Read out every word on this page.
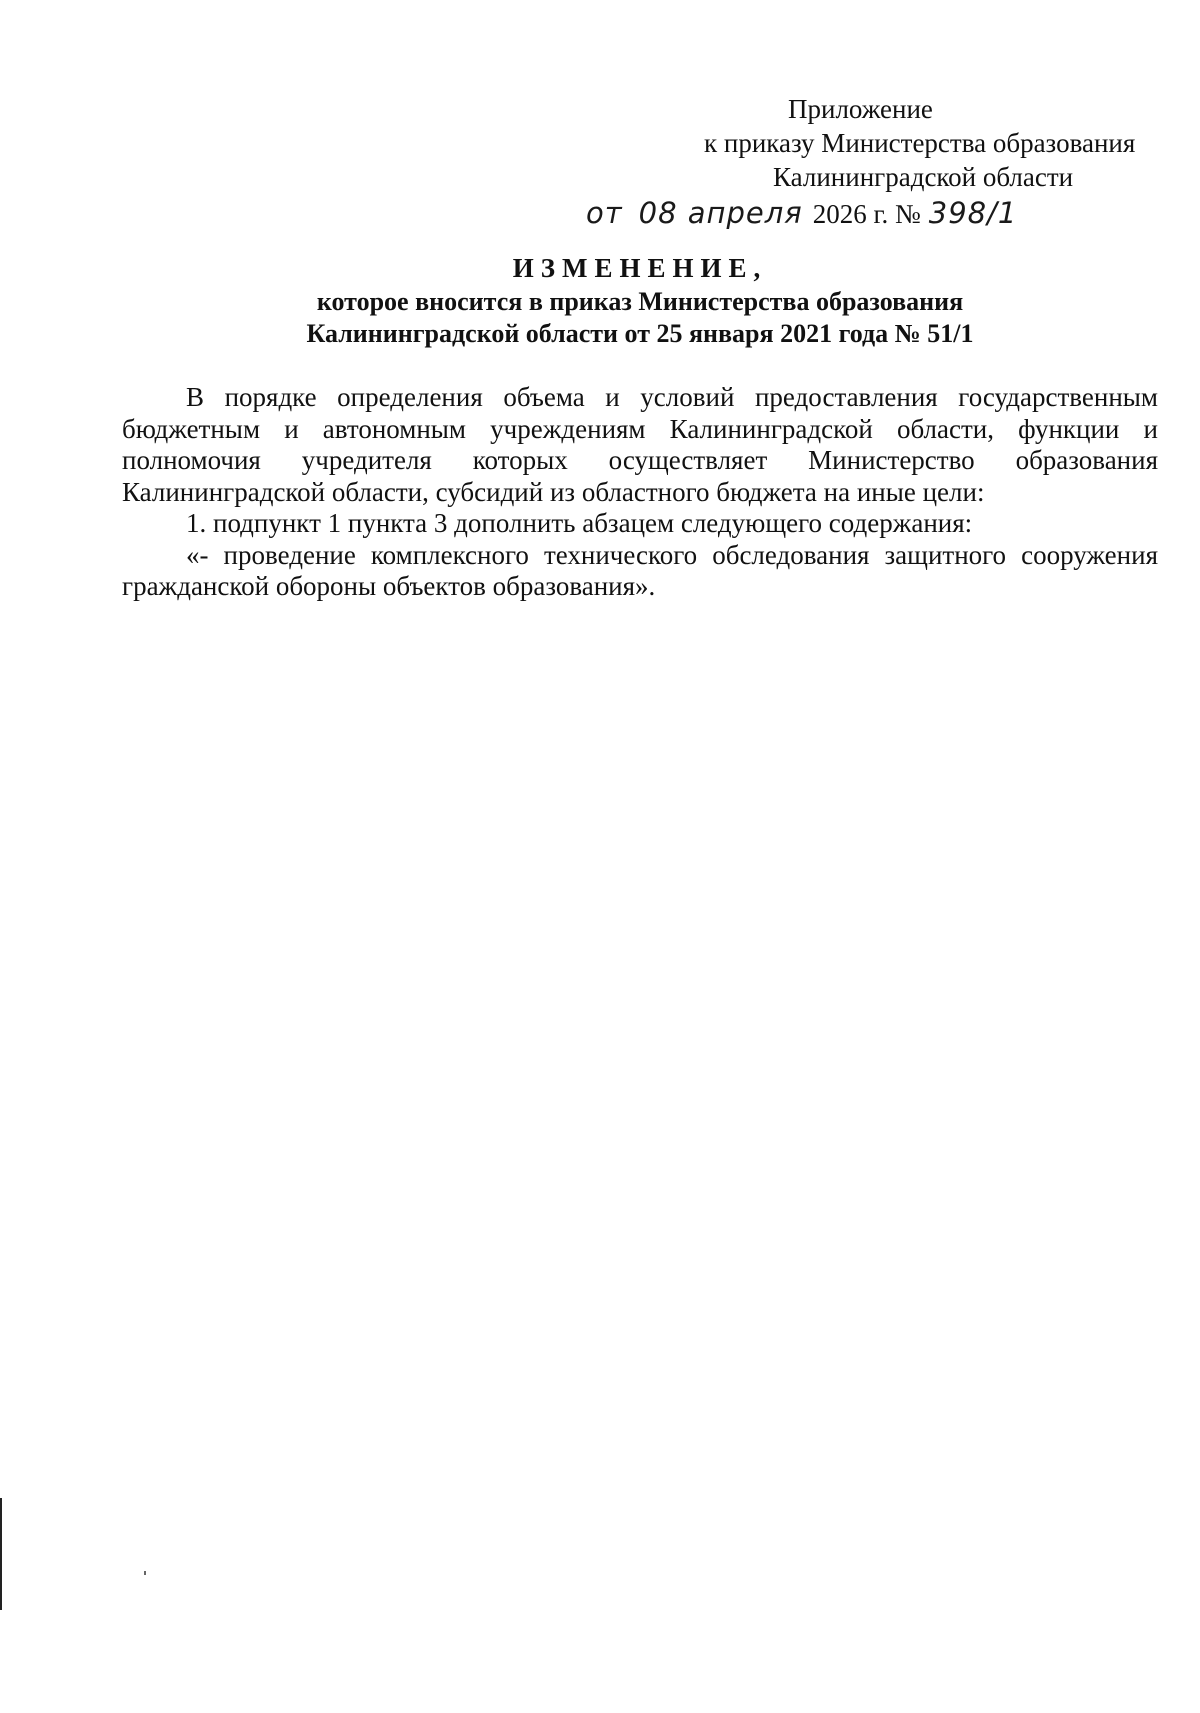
Приложение
к приказу Министерства образования
Калининградской области
от 08 апреля 2026 г. № 398/1
ИЗМЕНЕНИЕ,
которое вносится в приказ Министерства образования
Калининградской области от 25 января 2021 года № 51/1

В порядке определения объема и условий предоставления государственным бюджетным и автономным учреждениям Калининградской области, функции и полномочия учредителя которых осуществляет Министерство образования Калининградской области, субсидий из областного бюджета на иные цели:

1. подпункт 1 пункта 3 дополнить абзацем следующего содержания:

«- проведение комплексного технического обследования защитного сооружения гражданской обороны объектов образования».
